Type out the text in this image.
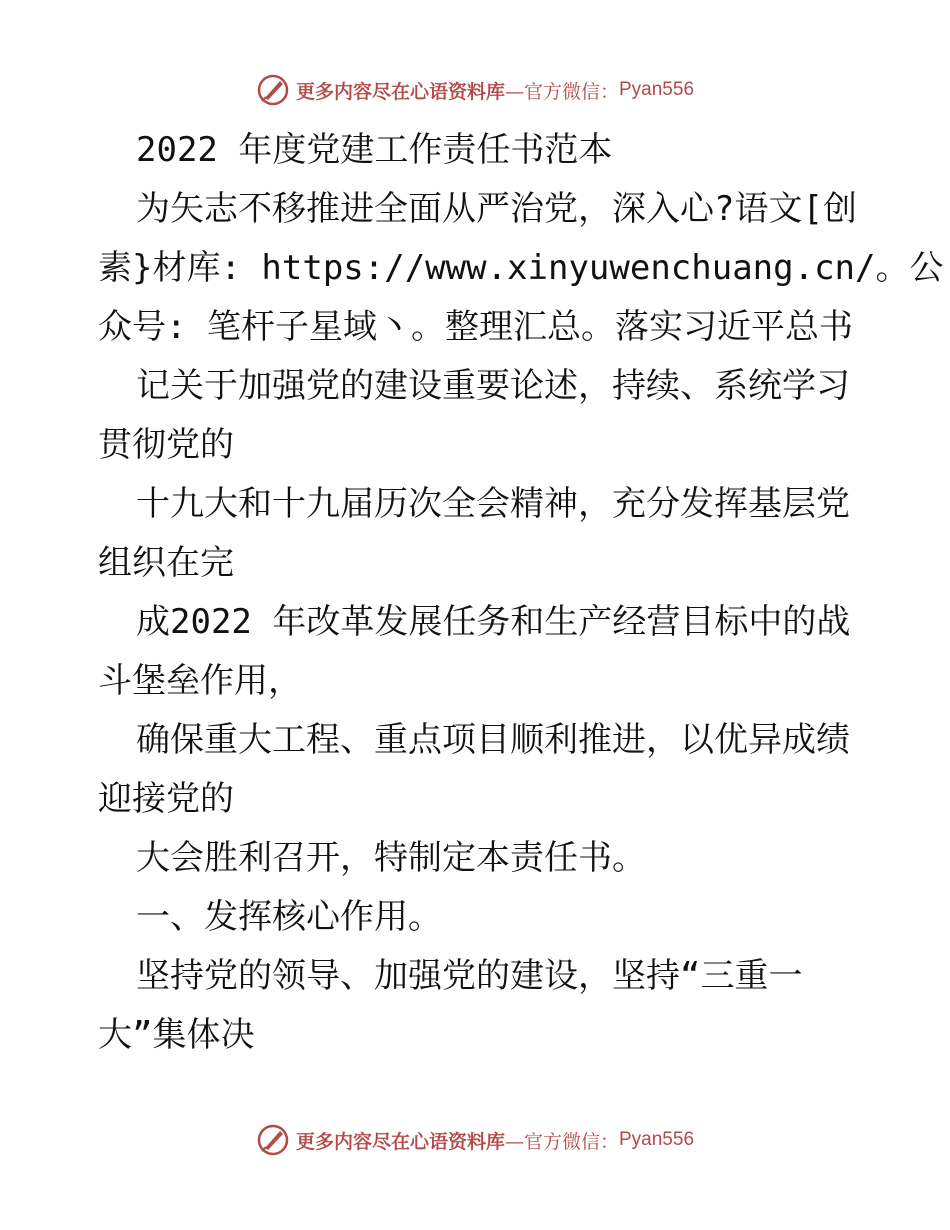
更多内容尽在心语资料库 —官方微信： Pyan556
2022 年度党建工作责任书范本
为矢志不移推进全面从严治党，深入心?语文[创
素}材库: https://www.xinyuwenchuang.cn/。公
众号: 笔杆子星域丶。整理汇总。落实习近平总书
记关于加强党的建设重要论述，持续、系统学习
贯彻党的
十九大和十九届历次全会精神，充分发挥基层党
组织在完
成2022 年改革发展任务和生产经营目标中的战
斗堡垒作用，
确保重大工程、重点项目顺利推进，以优异成绩
迎接党的
大会胜利召开，特制定本责任书。
一、发挥核心作用。
坚持党的领导、加强党的建设，坚持“三重一
大”集体决
更多内容尽在心语资料库 —官方微信： Pyan556
